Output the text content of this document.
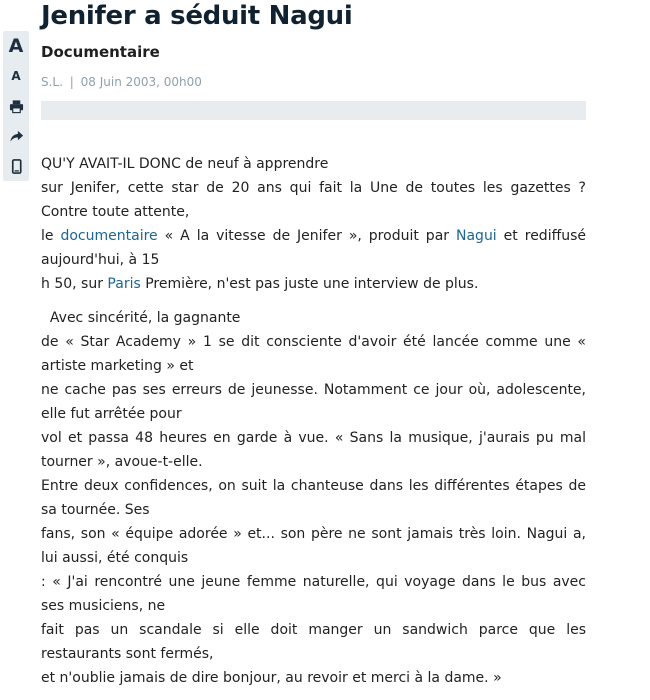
A
A
Jenifer a séduit Nagui
Documentaire
S.L. | 08 Juin 2003, 00h00

QU'Y AVAIT-IL DONC de neuf à apprendre
sur Jenifer, cette star de 20 ans qui fait la Une de toutes les gazettes ? Contre toute attente,
le documentaire « A la vitesse de Jenifer », produit par Nagui et rediffusé aujourd'hui, à 15
h 50, sur Paris Première, n'est pas juste une interview de plus.

Avec sincérité, la gagnante
de « Star Academy » 1 se dit consciente d'avoir été lancée comme une « artiste marketing » et
ne cache pas ses erreurs de jeunesse. Notamment ce jour où, adolescente, elle fut arrêtée pour
vol et passa 48 heures en garde à vue. « Sans la musique, j'aurais pu mal tourner », avoue-t-elle.
Entre deux confidences, on suit la chanteuse dans les différentes étapes de sa tournée. Ses
fans, son « équipe adorée » et... son père ne sont jamais très loin. Nagui a, lui aussi, été conquis
: « J'ai rencontré une jeune femme naturelle, qui voyage dans le bus avec ses musiciens, ne
fait pas un scandale si elle doit manger un sandwich parce que les restaurants sont fermés,
et n'oublie jamais de dire bonjour, au revoir et merci à la dame. »
